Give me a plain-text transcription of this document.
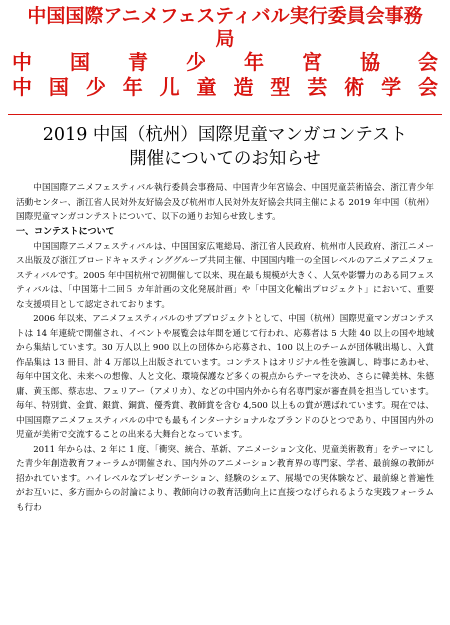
中国国際アニメフェスティバル実行委員会事務
局
中 国 青 少 年 宮 協 会
中 国 少 年 儿 童 造 型 芸 術 学 会
2019 中国（杭州）国際児童マンガコンテスト
開催についてのお知らせ

中国国際アニメフェスティバル執行委員会事務局、中国青少年宮協会、中国児童芸術協会、浙江青少年活動センター、浙江省人民対外友好協会及び杭州市人民対外友好協会共同主催による 2019 年中国（杭州）国際児童マンガコンテストについて、以下の通りお知らせ致します。

一、コンテストについて

中国国際アニメフェスティバルは、中国国家広電総局、浙江省人民政府、杭州市人民政府、浙江ニメース出版及び浙江ブロードキャスティンググループ共同主催、中国国内唯一の全国レベルのアニメアニメフェスティバルです。2005 年中国杭州で初開催して以来、現在最も規模が大きく、人気や影響力のある同フェスティバルは、「中国第十二回５ カ年計画の文化発展計画」や「中国文化輸出プロジェクト」において、重要な支援項目として認定されております。

2006 年以来、アニメフェスティバルのサブプロジェクトとして、中国（杭州）国際児童マンガコンテストは 14 年連続で開催され、イベントや展覧会は年間を通じて行われ、応募者は 5 大陸 40 以上の国や地域から集結しています。30 万人以上 900 以上の団体から応募され、100 以上のチームが団体戦出場し、入賞作品集は 13 冊目、計 4 万部以上出版されています。コンテストはオリジナル性を強調し、時事にあわせ、毎年中国文化、未来への想像、人と文化、環境保護など多くの視点からテーマを決め、さらに韓美林、朱德庸、黄玉郎、蔡志忠、フェリアー（アメリカ）、などの中国内外から有名専門家が審査員を担当しています。毎年、特別賞、金賞、銀賞、銅賞、優秀賞、教師賞を含む 4,500 以上もの賞が選ばれています。現在では、中国国際アニメフェスティバルの中でも最もインターナショナルなブランドのひとつであり、中国国内外の児童が美術で交流することの出来る大舞台となっています。

2011 年からは、2 年に 1 度、「衝突、統合、革新、アニメーション文化、児童美術教育」をテーマにした青少年創造教育フォーラムが開催され、国内外のアニメーション教育界の専門家、学者、最前線の教師が招かれています。ハイレベルなプレゼンテーション、経験のシェア、展場での実体験など、最前線と普遍性がお互いに、多方面からの討論により、教師向けの教育活動向上に直接つなげられるような実践フォーラムも行わ
